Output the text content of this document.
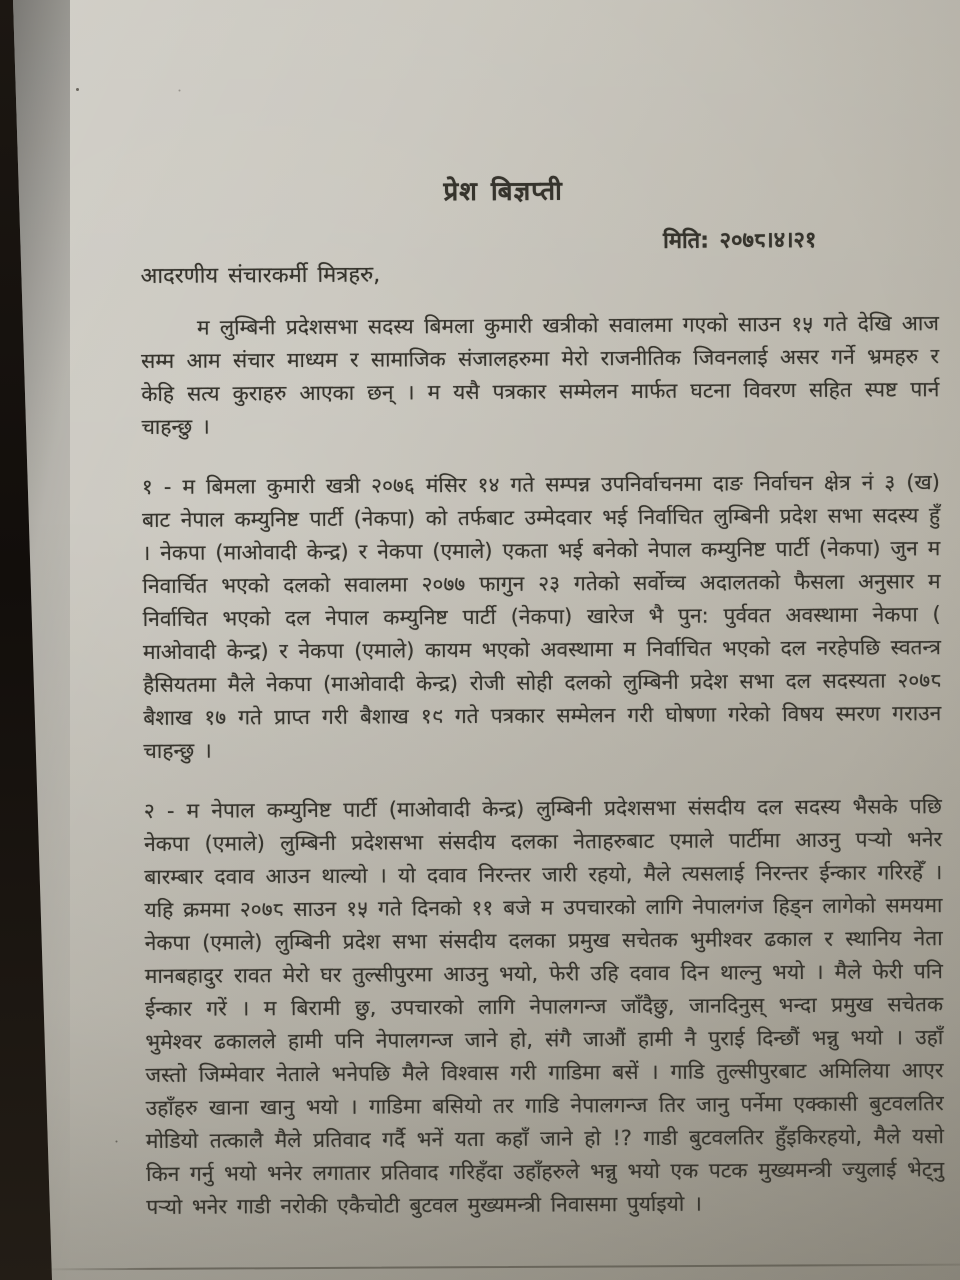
प्रेश बिज्ञप्ती
मिति: २०७८।४।२१
आदरणीय संचारकर्मी मित्रहरु,

म लुम्बिनी प्रदेशसभा सदस्य बिमला कुमारी खत्रीको सवालमा गएको साउन १५ गते देखि आज सम्म आम संचार माध्यम र सामाजिक संजालहरुमा मेरो राजनीतिक जिवनलाई असर गर्ने भ्रमहरु र केहि सत्य कुराहरु आएका छन् । म यसै पत्रकार सम्मेलन मार्फत घटना विवरण सहित स्पष्ट पार्न चाहन्छु ।

१ - म बिमला कुमारी खत्री २०७६ मंसिर १४ गते सम्पन्न उपनिर्वाचनमा दाङ निर्वाचन क्षेत्र नं ३ (ख) बाट नेपाल कम्युनिष्ट पार्टी (नेकपा) को तर्फबाट उम्मेदवार भई निर्वाचित लुम्बिनी प्रदेश सभा सदस्य हुँ । नेकपा (माओवादी केन्द्र) र नेकपा (एमाले) एकता भई बनेको नेपाल कम्युनिष्ट पार्टी (नेकपा) जुन म निवार्चित भएको दलको सवालमा २०७७ फागुन २३ गतेको सर्वोच्च अदालतको फैसला अनुसार म निर्वाचित भएको दल नेपाल कम्युनिष्ट पार्टी (नेकपा) खारेज भै पुन: पुर्ववत अवस्थामा नेकपा ( माओवादी केन्द्र) र नेकपा (एमाले) कायम भएको अवस्थामा म निर्वाचित भएको दल नरहेपछि स्वतन्त्र हैसियतमा मैले नेकपा (माओवादी केन्द्र) रोजी सोही दलको लुम्बिनी प्रदेश सभा दल सदस्यता २०७८ बैशाख १७ गते प्राप्त गरी बैशाख १९ गते पत्रकार सम्मेलन गरी घोषणा गरेको विषय स्मरण गराउन चाहन्छु ।

२ - म नेपाल कम्युनिष्ट पार्टी (माओवादी केन्द्र) लुम्बिनी प्रदेशसभा संसदीय दल सदस्य भैसके पछि नेकपा (एमाले) लुम्बिनी प्रदेशसभा संसदीय दलका नेताहरुबाट एमाले पार्टीमा आउनु पऱ्यो भनेर बारम्बार दवाव आउन थाल्यो । यो दवाव निरन्तर जारी रहयो, मैले त्यसलाई निरन्तर ईन्कार गरिरहेँ । यहि क्रममा २०७८ साउन १५ गते दिनको ११ बजे म उपचारको लागि नेपालगंज हिड्न लागेको समयमा नेकपा (एमाले) लुम्बिनी प्रदेश सभा संसदीय दलका प्रमुख सचेतक भुमीश्वर ढकाल र स्थानिय नेता मानबहादुर रावत मेरो घर तुल्सीपुरमा आउनु भयो, फेरी उहि दवाव दिन थाल्नु भयो । मैले फेरी पनि ईन्कार गरें । म बिरामी छु, उपचारको लागि नेपालगन्ज जाँदैछु, जानदिनुस् भन्दा प्रमुख सचेतक भुमेश्वर ढकालले हामी पनि नेपालगन्ज जाने हो, संगै जाऔं हामी नै पुराई दिन्छौं भन्नु भयो । उहाँ जस्तो जिम्मेवार नेताले भनेपछि मैले विश्वास गरी गाडिमा बसें । गाडि तुल्सीपुरबाट अमिलिया आएर उहाँहरु खाना खानु भयो । गाडिमा बसियो तर गाडि नेपालगन्ज तिर जानु पर्नेमा एक्कासी बुटवलतिर मोडियो तत्कालै मैले प्रतिवाद गर्दै भनें यता कहाँ जाने हो !? गाडी बुटवलतिर हुँइकिरहयो, मैले यसो किन गर्नु भयो भनेर लगातार प्रतिवाद गरिहँदा उहाँहरुले भन्नु भयो एक पटक मुख्यमन्त्री ज्युलाई भेट्नु पऱ्यो भनेर गाडी नरोकी एकैचोटी बुटवल मुख्यमन्त्री निवासमा पुर्याइयो ।
